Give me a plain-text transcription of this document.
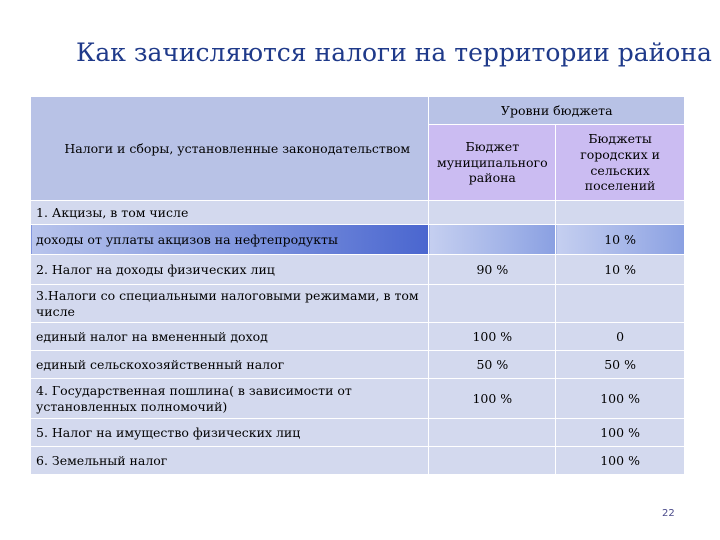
Как зачисляются налоги на территории района
Налоги и сборы, установленные законодательством	Уровни бюджета	
	Бюджет муниципального района	Бюджеты городских и сельских поселений
1. Акцизы, в том числе		
доходы от уплаты акцизов на нефтепродукты		10 %
2. Налог на доходы физических лиц	90 %	10 %
3.Налоги со специальными налоговыми режимами, в том числе		
единый налог на вмененный доход	100 %	0
единый сельскохозяйственный налог	50 %	50 %
4. Государственная пошлина( в зависимости от установленных полномочий)	100 %	100 %
5. Налог на имущество физических лиц		100 %
6. Земельный налог		100 %
22
